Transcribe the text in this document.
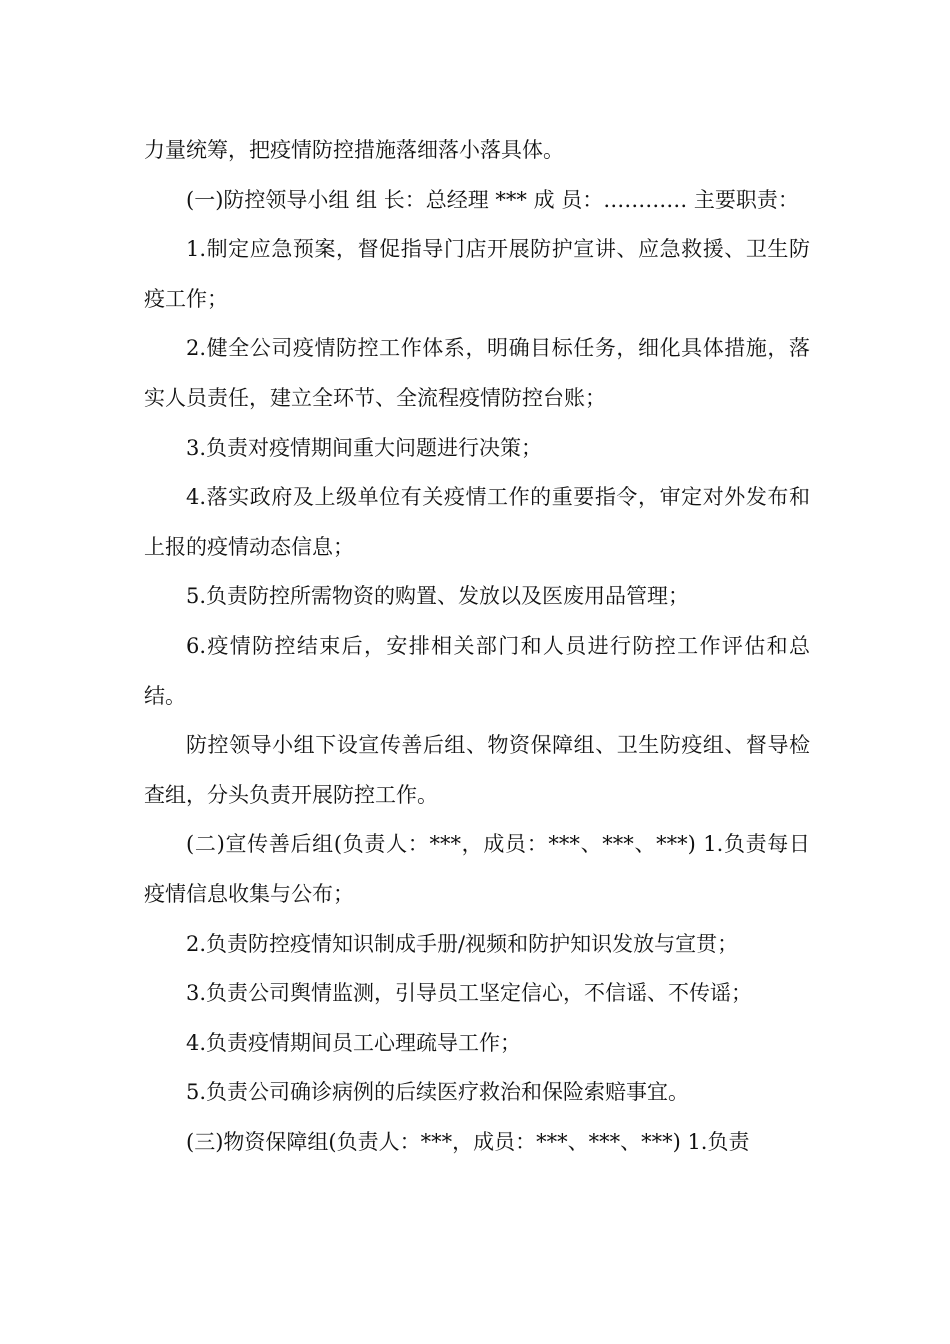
力量统筹，把疫情防控措施落细落小落具体。

(一)防控领导小组 组 长：总经理 *** 成 员：………… 主要职责：

1.制定应急预案，督促指导门店开展防护宣讲、应急救援、卫生防疫工作；

2.健全公司疫情防控工作体系，明确目标任务，细化具体措施，落实人员责任，建立全环节、全流程疫情防控台账；

3.负责对疫情期间重大问题进行决策；

4.落实政府及上级单位有关疫情工作的重要指令，审定对外发布和上报的疫情动态信息；

5.负责防控所需物资的购置、发放以及医废用品管理；

6.疫情防控结束后，安排相关部门和人员进行防控工作评估和总结。

防控领导小组下设宣传善后组、物资保障组、卫生防疫组、督导检查组，分头负责开展防控工作。

(二)宣传善后组(负责人：***，成员：***、***、***) 1.负责每日疫情信息收集与公布；

2.负责防控疫情知识制成手册/视频和防护知识发放与宣贯；

3.负责公司舆情监测，引导员工坚定信心，不信谣、不传谣；

4.负责疫情期间员工心理疏导工作；

5.负责公司确诊病例的后续医疗救治和保险索赔事宜。

(三)物资保障组(负责人：***，成员：***、***、***) 1.负责
